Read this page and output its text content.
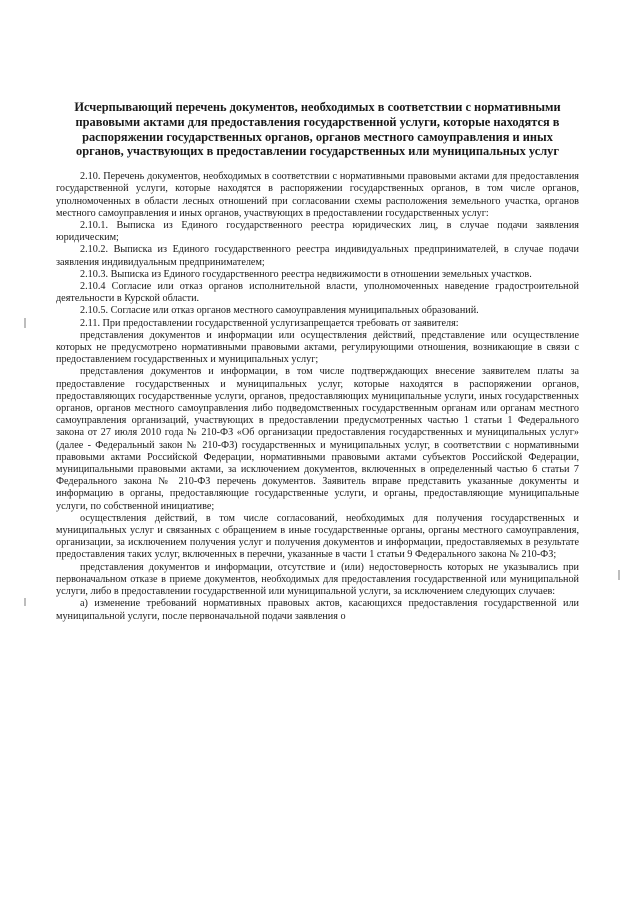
Исчерпывающий перечень документов, необходимых в соответствии с нормативными правовыми актами для предоставления государственной услуги, которые находятся в распоряжении государственных органов, органов местного самоуправления и иных органов, участвующих в предоставлении государственных или муниципальных услуг

2.10. Перечень документов, необходимых в соответствии с нормативными правовыми актами для предоставления государственной услуги, которые находятся в распоряжении государственных органов, в том числе органов, уполномоченных в области лесных отношений при согласовании схемы расположения земельного участка, органов местного самоуправления и иных органов, участвующих в предоставлении государственных услуг:

2.10.1. Выписка из Единого государственного реестра юридических лиц, в случае подачи заявления юридическим;

2.10.2. Выписка из Единого государственного реестра индивидуальных предпринимателей, в случае подачи заявления индивидуальным предпринимателем;

2.10.3. Выписка из Единого государственного реестра недвижимости в отношении земельных участков.

2.10.4 Согласие или отказ органов исполнительной власти, уполномоченных наведение градостроительной деятельности в Курской области.

2.10.5. Согласие или отказ органов местного самоуправления муниципальных образований.

2.11. При предоставлении государственной услугизапрещается требовать от заявителя:

представления документов и информации или осуществления действий, представление или осуществление которых не предусмотрено нормативными правовыми актами, регулирующими отношения, возникающие в связи с предоставлением государственных и муниципальных услуг;

представления документов и информации, в том числе подтверждающих внесение заявителем платы за предоставление государственных и муниципальных услуг, которые находятся в распоряжении органов, предоставляющих государственные услуги, органов, предоставляющих муниципальные услуги, иных государственных органов, органов местного самоуправления либо подведомственных государственным органам или органам местного самоуправления организаций, участвующих в предоставлении предусмотренных частью 1 статьи 1 Федерального закона от 27 июля 2010 года № 210-ФЗ «Об организации предоставления государственных и муниципальных услуг» (далее - Федеральный закон № 210-ФЗ) государственных и муниципальных услуг, в соответствии с нормативными правовыми актами Российской Федерации, нормативными правовыми актами субъектов Российской Федерации, муниципальными правовыми актами, за исключением документов, включенных в определенный частью 6 статьи 7 Федерального закона № 210-ФЗ перечень документов. Заявитель вправе представить указанные документы и информацию в органы, предоставляющие государственные услуги, и органы, предоставляющие муниципальные услуги, по собственной инициативе;

осуществления действий, в том числе согласований, необходимых для получения государственных и муниципальных услуг и связанных с обращением в иные государственные органы, органы местного самоуправления, организации, за исключением получения услуг и получения документов и информации, предоставляемых в результате предоставления таких услуг, включенных в перечни, указанные в части 1 статьи 9 Федерального закона № 210-ФЗ;

представления документов и информации, отсутствие и (или) недостоверность которых не указывались при первоначальном отказе в приеме документов, необходимых для предоставления государственной или муниципальной услуги, либо в предоставлении государственной или муниципальной услуги, за исключением следующих случаев:

а) изменение требований нормативных правовых актов, касающихся предоставления государственной или муниципальной услуги, после первоначальной подачи заявления о
